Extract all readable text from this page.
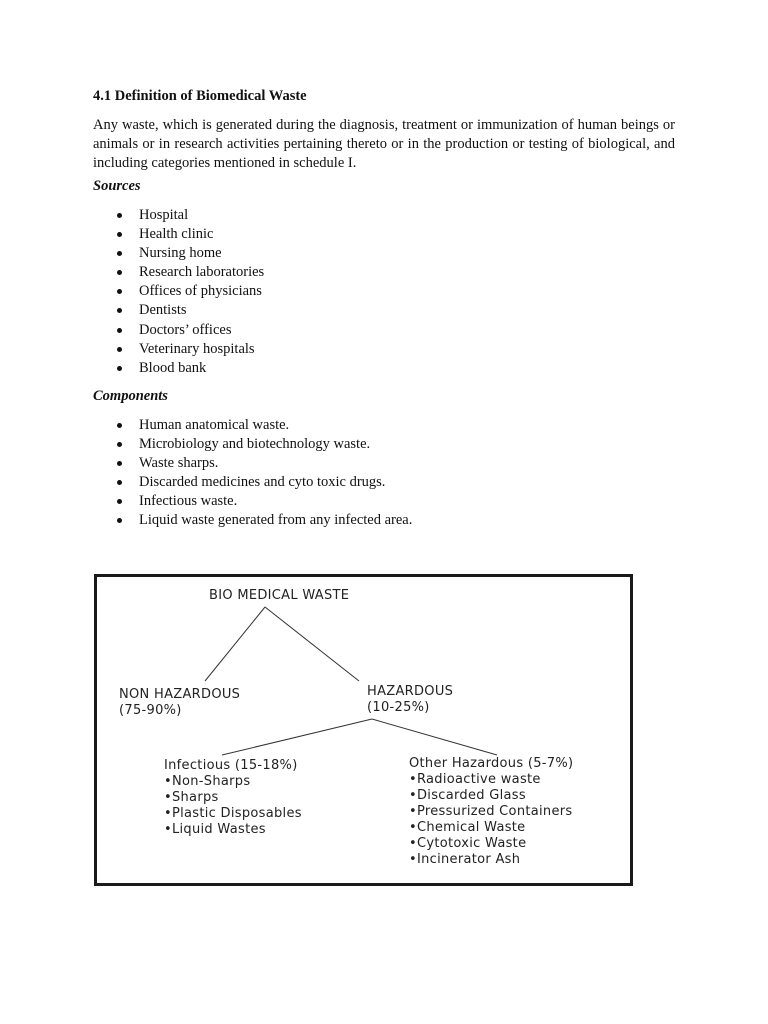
4.1 Definition of Biomedical Waste

Any waste, which is generated during the diagnosis, treatment or immunization of human beings or animals or in research activities pertaining thereto or in the production or testing of biological, and including categories mentioned in schedule I.

Sources
Hospital
Health clinic
Nursing home
Research laboratories
Offices of physicians
Dentists
Doctors’ offices
Veterinary hospitals
Blood bank
Components
Human anatomical waste.
Microbiology and biotechnology waste.
Waste sharps.
Discarded medicines and cyto toxic drugs.
Infectious waste.
Liquid waste generated from any infected area.
BIO MEDICAL WASTE
NON HAZARDOUS
(75-90%)
HAZARDOUS
(10-25%)
Infectious (15-18%)
•Non-Sharps
•Sharps
•Plastic Disposables
•Liquid Wastes
Other Hazardous (5-7%)
•Radioactive waste
•Discarded Glass
•Pressurized Containers
•Chemical Waste
•Cytotoxic Waste
•Incinerator Ash
